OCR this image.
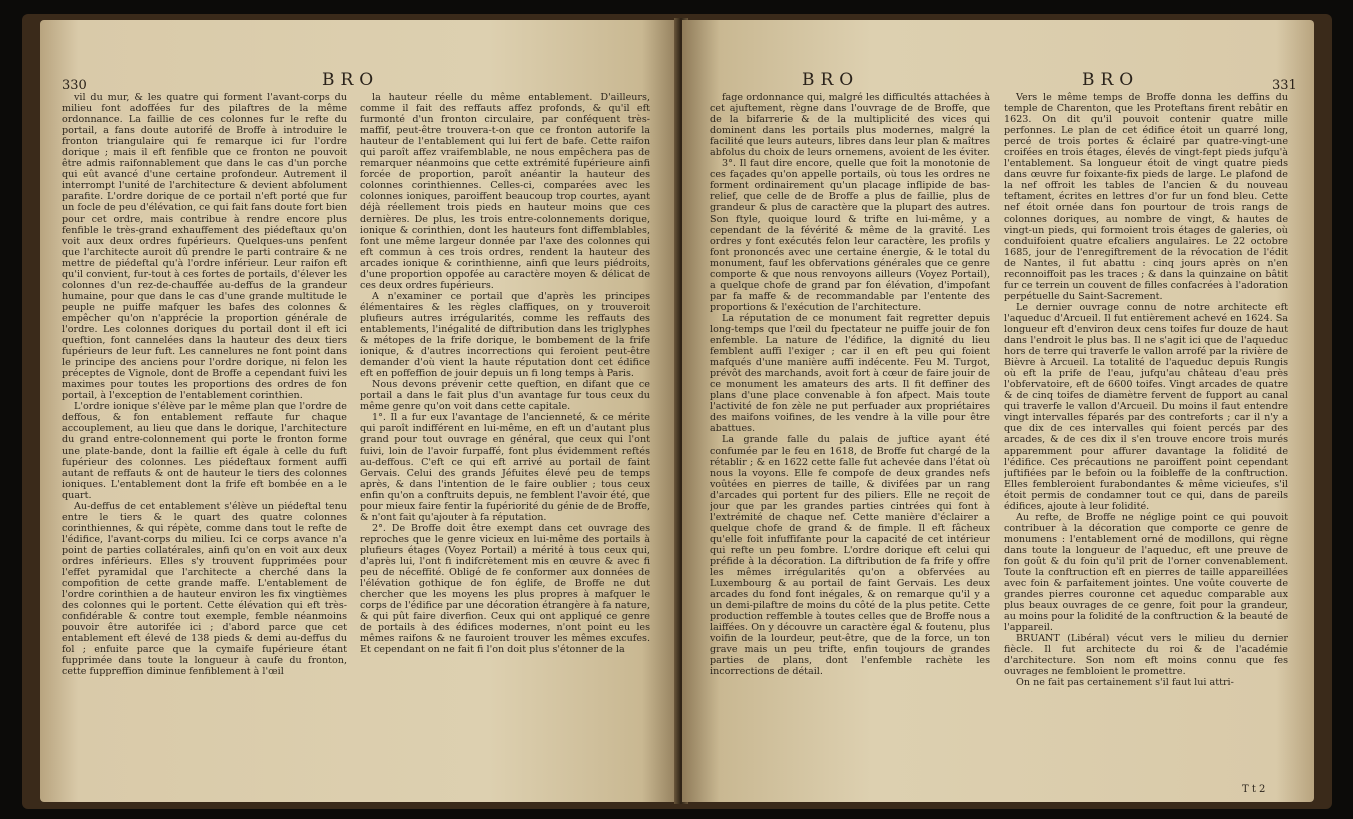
330	BRO

vil du mur, & les quatre qui forment l'avant-corps du milieu font adoffées fur des pilaftres de la même ordonnance. La faillie de ces colonnes fur le refte du portail, a fans doute autorifé de Broffe à introduire le fronton triangulaire qui fe remarque ici fur l'ordre dorique ; mais il eft fenfible que ce fronton ne pouvoit être admis raifonnablement que dans le cas d'un porche qui eût avancé d'une certaine profondeur. Autrement il interrompt l'unité de l'architecture & devient abfolument parafite. L'ordre dorique de ce portail n'eft porté que fur un focle de peu d'élévation, ce qui fait fans doute fort bien pour cet ordre, mais contribue à rendre encore plus fenfible le très-grand exhauffement des piédeftaux qu'on voit aux deux ordres fupérieurs. Quelques-uns penfent que l'architecte auroit dû prendre le parti contraire & ne mettre de piédeftal qu'à l'ordre inférieur. Leur raifon eft qu'il convient, fur-tout à ces fortes de portails, d'élever les colonnes d'un rez-de-chauffée au-deffus de la grandeur humaine, pour que dans le cas d'une grande multitude le peuple ne puiffe mafquer les bafes des colonnes & empêcher qu'on n'apprécie la proportion générale de l'ordre. Les colonnes doriques du portail dont il eft ici queftion, font cannelées dans la hauteur des deux tiers fupérieurs de leur fuft. Les cannelures ne font point dans le principe des anciens pour l'ordre dorique, ni felon les préceptes de Vignole, dont de Broffe a cependant fuivi les maximes pour toutes les proportions des ordres de fon portail, à l'exception de l'entablement corinthien.

L'ordre ionique s'élève par le même plan que l'ordre de deffous, & fon entablement reffaute fur chaque accouplement, au lieu que dans le dorique, l'architecture du grand entre-colonnement qui porte le fronton forme une plate-bande, dont la faillie eft égale à celle du fuft fupérieur des colonnes. Les piédeftaux forment auffi autant de reffauts & ont de hauteur le tiers des colonnes ioniques. L'entablement dont la frife eft bombée en a le quart.

Au-deffus de cet entablement s'élève un piédeftal tenu entre le tiers & le quart des quatre colonnes corinthiennes, & qui répète, comme dans tout le refte de l'édifice, l'avant-corps du milieu. Ici ce corps avance n'a point de parties collatérales, ainfi qu'on en voit aux deux ordres inférieurs. Elles s'y trouvent fupprimées pour l'effet pyramidal que l'architecte a cherché dans la compofition de cette grande maffe. L'entablement de l'ordre corinthien a de hauteur environ les fix vingtièmes des colonnes qui le portent. Cette élévation qui eft très-confidérable & contre tout exemple, femble néanmoins pouvoir être autorifée ici ; d'abord parce que cet entablement eft élevé de 138 pieds & demi au-deffus du fol ; enfuite parce que la cymaife fupérieure étant fupprimée dans toute la longueur à caufe du fronton, cette fuppreffion diminue fenfiblement à l'œil

la hauteur réelle du même entablement. D'ailleurs, comme il fait des reffauts affez profonds, & qu'il eft furmonté d'un fronton circulaire, par conféquent très-maffif, peut-être trouvera-t-on que ce fronton autorife la hauteur de l'entablement qui lui fert de bafe. Cette raifon qui paroît affez vraifemblable, ne nous empêchera pas de remarquer néanmoins que cette extrémité fupérieure ainfi forcée de proportion, paroît anéantir la hauteur des colonnes corinthiennes. Celles-ci, comparées avec les colonnes ioniques, paroiffent beaucoup trop courtes, ayant déjà réellement trois pieds en hauteur moins que ces dernières. De plus, les trois entre-colonnements dorique, ionique & corinthien, dont les hauteurs font diffemblables, font une même largeur donnée par l'axe des colonnes qui eft commun à ces trois ordres, rendent la hauteur des arcades ionique & corinthienne, ainfi que leurs piédroits, d'une proportion oppofée au caractère moyen & délicat de ces deux ordres fupérieurs.

A n'examiner ce portail que d'après les principes élémentaires & les règles claffiques, on y trouveroit plufieurs autres irrégularités, comme les reffauts des entablements, l'inégalité de diftribution dans les triglyphes & métopes de la frife dorique, le bombement de la frife ionique, & d'autres incorrections qui feroient peut-être demander d'où vient la haute réputation dont cet édifice eft en poffeffion de jouir depuis un fi long temps à Paris.

Nous devons prévenir cette queftion, en difant que ce portail a dans le fait plus d'un avantage fur tous ceux du même genre qu'on voit dans cette capitale.

1°. Il a fur eux l'avantage de l'ancienneté, & ce mérite qui paroît indifférent en lui-même, en eft un d'autant plus grand pour tout ouvrage en général, que ceux qui l'ont fuivi, loin de l'avoir furpaffé, font plus évidemment reftés au-deffous. C'eft ce qui eft arrivé au portail de faint Gervais. Celui des grands Jéfuites élevé peu de temps après, & dans l'intention de le faire oublier ; tous ceux enfin qu'on a conftruits depuis, ne femblent l'avoir été, que pour mieux faire fentir la fupériorité du génie de de Broffe, & n'ont fait qu'ajouter à fa réputation.

2°. De Broffe doit être exempt dans cet ouvrage des reproches que le genre vicieux en lui-même des portails à plufieurs étages (Voyez Portail) a mérité à tous ceux qui, d'après lui, l'ont fi indifcrètement mis en œuvre & avec fi peu de néceffité. Obligé de fe conformer aux données de l'élévation gothique de fon églife, de Broffe ne dut chercher que les moyens les plus propres à mafquer le corps de l'édifice par une décoration étrangère à fa nature, & qui pût faire diverfion. Ceux qui ont appliqué ce genre de portails à des édifices modernes, n'ont point eu les mêmes raifons & ne fauroient trouver les mêmes excufes. Et cependant on ne fait fi l'on doit plus s'étonner de la

BRO	BRO	331

fage ordonnance qui, malgré les difficultés attachées à cet ajuftement, règne dans l'ouvrage de de Broffe, que de la bifarrerie & de la multiplicité des vices qui dominent dans les portails plus modernes, malgré la facilité que leurs auteurs, libres dans leur plan & maîtres abfolus du choix de leurs ornemens, avoient de les éviter.

3°. Il faut dire encore, quelle que foit la monotonie de ces façades qu'on appelle portails, où tous les ordres ne forment ordinairement qu'un placage inflipide de bas-relief, que celle de de Broffe a plus de faillie, plus de grandeur & plus de caractère que la plupart des autres. Son ftyle, quoique lourd & trifte en lui-même, y a cependant de la févérité & même de la gravité. Les ordres y font exécutés felon leur caractère, les profils y font prononcés avec une certaine énergie, & le total du monument, fauf les obfervations générales que ce genre comporte & que nous renvoyons ailleurs (Voyez Portail), a quelque chofe de grand par fon élévation, d'impofant par fa maffe & de recommandable par l'entente des proportions & l'exécution de l'architecture.

La réputation de ce monument fait regretter depuis long-temps que l'œil du fpectateur ne puiffe jouir de fon enfemble. La nature de l'édifice, la dignité du lieu femblent auffi l'exiger ; car il en eft peu qui foient mafqués d'une manière auffi indécente. Feu M. Turgot, prévôt des marchands, avoit fort à cœur de faire jouir de ce monument les amateurs des arts. Il fit deffiner des plans d'une place convenable à fon afpect. Mais toute l'activité de fon zèle ne put perfuader aux propriétaires des maifons voifines, de les vendre à la ville pour être abattues.

La grande falle du palais de juftice ayant été confumée par le feu en 1618, de Broffe fut chargé de la rétablir ; & en 1622 cette falle fut achevée dans l'état où nous la voyons. Elle fe compofe de deux grandes nefs voûtées en pierres de taille, & divifées par un rang d'arcades qui portent fur des piliers. Elle ne reçoit de jour que par les grandes parties cintrées qui font à l'extrémité de chaque nef. Cette manière d'éclairer a quelque chofe de grand & de fimple. Il eft fâcheux qu'elle foit infuffifante pour la capacité de cet intérieur qui refte un peu fombre. L'ordre dorique eft celui qui préfide à la décoration. La diftribution de fa frife y offre les mêmes irrégularités qu'on a obfervées au Luxembourg & au portail de faint Gervais. Les deux arcades du fond font inégales, & on remarque qu'il y a un demi-pilaftre de moins du côté de la plus petite. Cette production reffemble à toutes celles que de Broffe nous a laiffées. On y découvre un caractère égal & foutenu, plus voifin de la lourdeur, peut-être, que de la force, un ton grave mais un peu trifte, enfin toujours de grandes parties de plans, dont l'enfemble rachète les incorrections de détail.

Vers le même temps de Broffe donna les deffins du temple de Charenton, que les Proteftans firent rebâtir en 1623. On dit qu'il pouvoit contenir quatre mille perfonnes. Le plan de cet édifice étoit un quarré long, percé de trois portes & éclairé par quatre-vingt-une croifées en trois étages, élevés de vingt-fept pieds jufqu'à l'entablement. Sa longueur étoit de vingt quatre pieds dans œuvre fur foixante-fix pieds de large. Le plafond de la nef offroit les tables de l'ancien & du nouveau teftament, écrites en lettres d'or fur un fond bleu. Cette nef étoit ornée dans fon pourtour de trois rangs de colonnes doriques, au nombre de vingt, & hautes de vingt-un pieds, qui formoient trois étages de galeries, où conduifoient quatre efcaliers angulaires. Le 22 octobre 1685, jour de l'enregiftrement de la révocation de l'édit de Nantes, il fut abattu : cinq jours après on n'en reconnoiffoit pas les traces ; & dans la quinzaine on bâtit fur ce terrein un couvent de filles confacrées à l'adoration perpétuelle du Saint-Sacrement.

Le dernier ouvrage connu de notre architecte eft l'aqueduc d'Arcueil. Il fut entièrement achevé en 1624. Sa longueur eft d'environ deux cens toifes fur douze de haut dans l'endroit le plus bas. Il ne s'agit ici que de l'aqueduc hors de terre qui traverfe le vallon arrofé par la rivière de Bièvre à Arcueil. La totalité de l'aqueduc depuis Rungis où eft la prife de l'eau, jufqu'au château d'eau près l'obfervatoire, eft de 6600 toifes. Vingt arcades de quatre & de cinq toifes de diamètre fervent de fupport au canal qui traverfe le vallon d'Arcueil. Du moins il faut entendre vingt intervalles féparés par des contreforts ; car il n'y a que dix de ces intervalles qui foient percés par des arcades, & de ces dix il s'en trouve encore trois murés apparemment pour affurer davantage la folidité de l'édifice. Ces précautions ne paroiffent point cependant juftifiées par le befoin ou la foibleffe de la conftruction. Elles fembleroient furabondantes & même vicieufes, s'il étoit permis de condamner tout ce qui, dans de pareils édifices, ajoute à leur folidité.

Au refte, de Broffe ne néglige point ce qui pouvoit contribuer à la décoration que comporte ce genre de monumens : l'entablement orné de modillons, qui règne dans toute la longueur de l'aqueduc, eft une preuve de fon goût & du foin qu'il prit de l'orner convenablement. Toute la conftruction eft en pierres de taille appareillées avec foin & parfaitement jointes. Une voûte couverte de grandes pierres couronne cet aqueduc comparable aux plus beaux ouvrages de ce genre, foit pour la grandeur, au moins pour la folidité de la conftruction & la beauté de l'appareil.

BRUANT (Libéral) vécut vers le milieu du dernier fiècle. Il fut architecte du roi & de l'académie d'architecture. Son nom eft moins connu que fes ouvrages ne fembloient le promettre.

On ne fait pas certainement s'il faut lui attri-

T t 2
